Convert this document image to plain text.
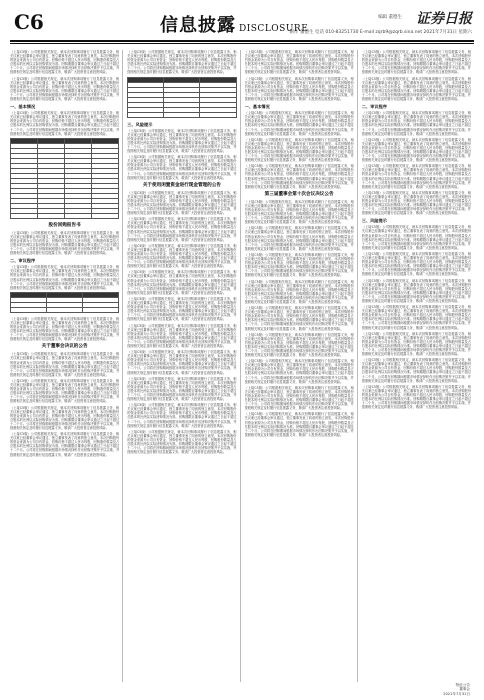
C6	信息披露 DISCLOSURE
编辑 董德生 证券日报
制作 董德生 电话 010-83251730 E-mail zqrb9@zqrb.sina.net 2021年7月31日 星期六

（上接C5版）公司根据相关规定，就本次回购事项履行了信息披露义务，相关议案已经董事会审议通过，独立董事发表了同意的独立意见。本次回购股份的资金来源为公司自有资金，回购价格不超过人民币每股，回购股份数量及占总股本的比例以实际回购情况为准。回购期限自董事会审议通过之日起不超过十二个月。公司将在回购期间根据市场情况择机作出回购决策并予以实施，并按照相关规定及时履行信息披露义务，敬请广大投资者注意投资风险。

（上接C5版）公司根据相关规定，就本次回购事项履行了信息披露义务，相关议案已经董事会审议通过，独立董事发表了同意的独立意见。本次回购股份的资金来源为公司自有资金，回购价格不超过人民币每股，回购股份数量及占总股本的比例以实际回购情况为准。回购期限自董事会审议通过之日起不超过十二个月。公司将在回购期间根据市场情况择机作出回购决策并予以实施，并按照相关规定及时履行信息披露义务，敬请广大投资者注意投资风险。

一、基本情况

（上接C5版）公司根据相关规定，就本次回购事项履行了信息披露义务，相关议案已经董事会审议通过，独立董事发表了同意的独立意见。本次回购股份的资金来源为公司自有资金，回购价格不超过人民币每股，回购股份数量及占总股本的比例以实际回购情况为准。回购期限自董事会审议通过之日起不超过十二个月。公司将在回购期间根据市场情况择机作出回购决策并予以实施，并按照相关规定及时履行信息披露义务，敬请广大投资者注意投资风险。

股份回购报告书

（上接C5版）公司根据相关规定，就本次回购事项履行了信息披露义务，相关议案已经董事会审议通过，独立董事发表了同意的独立意见。本次回购股份的资金来源为公司自有资金，回购价格不超过人民币每股，回购股份数量及占总股本的比例以实际回购情况为准。回购期限自董事会审议通过之日起不超过十二个月。公司将在回购期间根据市场情况择机作出回购决策并予以实施，并按照相关规定及时履行信息披露义务，敬请广大投资者注意投资风险。

二、审议程序

（上接C5版）公司根据相关规定，就本次回购事项履行了信息披露义务，相关议案已经董事会审议通过，独立董事发表了同意的独立意见。本次回购股份的资金来源为公司自有资金，回购价格不超过人民币每股，回购股份数量及占总股本的比例以实际回购情况为准。回购期限自董事会审议通过之日起不超过十二个月。公司将在回购期间根据市场情况择机作出回购决策并予以实施，并按照相关规定及时履行信息披露义务，敬请广大投资者注意投资风险。

（上接C5版）公司根据相关规定，就本次回购事项履行了信息披露义务，相关议案已经董事会审议通过，独立董事发表了同意的独立意见。本次回购股份的资金来源为公司自有资金，回购价格不超过人民币每股，回购股份数量及占总股本的比例以实际回购情况为准。回购期限自董事会审议通过之日起不超过十二个月。公司将在回购期间根据市场情况择机作出回购决策并予以实施，并按照相关规定及时履行信息披露义务，敬请广大投资者注意投资风险。

关于董事会决议的公告

（上接C5版）公司根据相关规定，就本次回购事项履行了信息披露义务，相关议案已经董事会审议通过，独立董事发表了同意的独立意见。本次回购股份的资金来源为公司自有资金，回购价格不超过人民币每股，回购股份数量及占总股本的比例以实际回购情况为准。回购期限自董事会审议通过之日起不超过十二个月。公司将在回购期间根据市场情况择机作出回购决策并予以实施，并按照相关规定及时履行信息披露义务，敬请广大投资者注意投资风险。

（上接C5版）公司根据相关规定，就本次回购事项履行了信息披露义务，相关议案已经董事会审议通过，独立董事发表了同意的独立意见。本次回购股份的资金来源为公司自有资金，回购价格不超过人民币每股，回购股份数量及占总股本的比例以实际回购情况为准。回购期限自董事会审议通过之日起不超过十二个月。公司将在回购期间根据市场情况择机作出回购决策并予以实施，并按照相关规定及时履行信息披露义务，敬请广大投资者注意投资风险。

（上接C5版）公司根据相关规定，就本次回购事项履行了信息披露义务，相关议案已经董事会审议通过，独立董事发表了同意的独立意见。本次回购股份的资金来源为公司自有资金，回购价格不超过人民币每股，回购股份数量及占总股本的比例以实际回购情况为准。回购期限自董事会审议通过之日起不超过十二个月。公司将在回购期间根据市场情况择机作出回购决策并予以实施，并按照相关规定及时履行信息披露义务，敬请广大投资者注意投资风险。

（上接C5版）公司根据相关规定，就本次回购事项履行了信息披露义务，相关议案已经董事会审议通过，独立董事发表了同意的独立意见。本次回购股份的资金来源为公司自有资金，回购价格不超过人民币每股，回购股份数量及占总股本的比例以实际回购情况为准。回购期限自董事会审议通过之日起不超过十二个月。公司将在回购期间根据市场情况择机作出回购决策并予以实施，并按照相关规定及时履行信息披露义务，敬请广大投资者注意投资风险。

（上接C5版）公司根据相关规定，就本次回购事项履行了信息披露义务，相关议案已经董事会审议通过，独立董事发表了同意的独立意见。本次回购股份的资金来源为公司自有资金，回购价格不超过人民币每股，回购股份数量及占总股本的比例以实际回购情况为准。回购期限自董事会审议通过之日起不超过十二个月。公司将在回购期间根据市场情况择机作出回购决策并予以实施，并按照相关规定及时履行信息披露义务，敬请广大投资者注意投资风险。

三、风险提示

（上接C5版）公司根据相关规定，就本次回购事项履行了信息披露义务，相关议案已经董事会审议通过，独立董事发表了同意的独立意见。本次回购股份的资金来源为公司自有资金，回购价格不超过人民币每股，回购股份数量及占总股本的比例以实际回购情况为准。回购期限自董事会审议通过之日起不超过十二个月。公司将在回购期间根据市场情况择机作出回购决策并予以实施，并按照相关规定及时履行信息披露义务，敬请广大投资者注意投资风险。

（上接C5版）公司根据相关规定，就本次回购事项履行了信息披露义务，相关议案已经董事会审议通过，独立董事发表了同意的独立意见。本次回购股份的资金来源为公司自有资金，回购价格不超过人民币每股，回购股份数量及占总股本的比例以实际回购情况为准。回购期限自董事会审议通过之日起不超过十二个月。公司将在回购期间根据市场情况择机作出回购决策并予以实施，并按照相关规定及时履行信息披露义务，敬请广大投资者注意投资风险。

关于使用闲置资金进行现金管理的公告

（上接C5版）公司根据相关规定，就本次回购事项履行了信息披露义务，相关议案已经董事会审议通过，独立董事发表了同意的独立意见。本次回购股份的资金来源为公司自有资金，回购价格不超过人民币每股，回购股份数量及占总股本的比例以实际回购情况为准。回购期限自董事会审议通过之日起不超过十二个月。公司将在回购期间根据市场情况择机作出回购决策并予以实施，并按照相关规定及时履行信息披露义务，敬请广大投资者注意投资风险。

（上接C5版）公司根据相关规定，就本次回购事项履行了信息披露义务，相关议案已经董事会审议通过，独立董事发表了同意的独立意见。本次回购股份的资金来源为公司自有资金，回购价格不超过人民币每股，回购股份数量及占总股本的比例以实际回购情况为准。回购期限自董事会审议通过之日起不超过十二个月。公司将在回购期间根据市场情况择机作出回购决策并予以实施，并按照相关规定及时履行信息披露义务，敬请广大投资者注意投资风险。

（上接C5版）公司根据相关规定，就本次回购事项履行了信息披露义务，相关议案已经董事会审议通过，独立董事发表了同意的独立意见。本次回购股份的资金来源为公司自有资金，回购价格不超过人民币每股，回购股份数量及占总股本的比例以实际回购情况为准。回购期限自董事会审议通过之日起不超过十二个月。公司将在回购期间根据市场情况择机作出回购决策并予以实施，并按照相关规定及时履行信息披露义务，敬请广大投资者注意投资风险。

（上接C5版）公司根据相关规定，就本次回购事项履行了信息披露义务，相关议案已经董事会审议通过，独立董事发表了同意的独立意见。本次回购股份的资金来源为公司自有资金，回购价格不超过人民币每股，回购股份数量及占总股本的比例以实际回购情况为准。回购期限自董事会审议通过之日起不超过十二个月。公司将在回购期间根据市场情况择机作出回购决策并予以实施，并按照相关规定及时履行信息披露义务，敬请广大投资者注意投资风险。

（上接C5版）公司根据相关规定，就本次回购事项履行了信息披露义务，相关议案已经董事会审议通过，独立董事发表了同意的独立意见。本次回购股份的资金来源为公司自有资金，回购价格不超过人民币每股，回购股份数量及占总股本的比例以实际回购情况为准。回购期限自董事会审议通过之日起不超过十二个月。公司将在回购期间根据市场情况择机作出回购决策并予以实施，并按照相关规定及时履行信息披露义务，敬请广大投资者注意投资风险。

（上接C5版）公司根据相关规定，就本次回购事项履行了信息披露义务，相关议案已经董事会审议通过，独立董事发表了同意的独立意见。本次回购股份的资金来源为公司自有资金，回购价格不超过人民币每股，回购股份数量及占总股本的比例以实际回购情况为准。回购期限自董事会审议通过之日起不超过十二个月。公司将在回购期间根据市场情况择机作出回购决策并予以实施，并按照相关规定及时履行信息披露义务，敬请广大投资者注意投资风险。

（上接C5版）公司根据相关规定，就本次回购事项履行了信息披露义务，相关议案已经董事会审议通过，独立董事发表了同意的独立意见。本次回购股份的资金来源为公司自有资金，回购价格不超过人民币每股，回购股份数量及占总股本的比例以实际回购情况为准。回购期限自董事会审议通过之日起不超过十二个月。公司将在回购期间根据市场情况择机作出回购决策并予以实施，并按照相关规定及时履行信息披露义务，敬请广大投资者注意投资风险。

（上接C5版）公司根据相关规定，就本次回购事项履行了信息披露义务，相关议案已经董事会审议通过，独立董事发表了同意的独立意见。本次回购股份的资金来源为公司自有资金，回购价格不超过人民币每股，回购股份数量及占总股本的比例以实际回购情况为准。回购期限自董事会审议通过之日起不超过十二个月。公司将在回购期间根据市场情况择机作出回购决策并予以实施，并按照相关规定及时履行信息披露义务，敬请广大投资者注意投资风险。

（上接C5版）公司根据相关规定，就本次回购事项履行了信息披露义务，相关议案已经董事会审议通过，独立董事发表了同意的独立意见。本次回购股份的资金来源为公司自有资金，回购价格不超过人民币每股，回购股份数量及占总股本的比例以实际回购情况为准。回购期限自董事会审议通过之日起不超过十二个月。公司将在回购期间根据市场情况择机作出回购决策并予以实施，并按照相关规定及时履行信息披露义务，敬请广大投资者注意投资风险。

（上接C5版）公司根据相关规定，就本次回购事项履行了信息披露义务，相关议案已经董事会审议通过，独立董事发表了同意的独立意见。本次回购股份的资金来源为公司自有资金，回购价格不超过人民币每股，回购股份数量及占总股本的比例以实际回购情况为准。回购期限自董事会审议通过之日起不超过十二个月。公司将在回购期间根据市场情况择机作出回购决策并予以实施，并按照相关规定及时履行信息披露义务，敬请广大投资者注意投资风险。

（上接C5版）公司根据相关规定，就本次回购事项履行了信息披露义务，相关议案已经董事会审议通过，独立董事发表了同意的独立意见。本次回购股份的资金来源为公司自有资金，回购价格不超过人民币每股，回购股份数量及占总股本的比例以实际回购情况为准。回购期限自董事会审议通过之日起不超过十二个月。公司将在回购期间根据市场情况择机作出回购决策并予以实施，并按照相关规定及时履行信息披露义务，敬请广大投资者注意投资风险。

（上接C5版）公司根据相关规定，就本次回购事项履行了信息披露义务，相关议案已经董事会审议通过，独立董事发表了同意的独立意见。本次回购股份的资金来源为公司自有资金，回购价格不超过人民币每股，回购股份数量及占总股本的比例以实际回购情况为准。回购期限自董事会审议通过之日起不超过十二个月。公司将在回购期间根据市场情况择机作出回购决策并予以实施，并按照相关规定及时履行信息披露义务，敬请广大投资者注意投资风险。

一、基本情况

（上接C5版）公司根据相关规定，就本次回购事项履行了信息披露义务，相关议案已经董事会审议通过，独立董事发表了同意的独立意见。本次回购股份的资金来源为公司自有资金，回购价格不超过人民币每股，回购股份数量及占总股本的比例以实际回购情况为准。回购期限自董事会审议通过之日起不超过十二个月。公司将在回购期间根据市场情况择机作出回购决策并予以实施，并按照相关规定及时履行信息披露义务，敬请广大投资者注意投资风险。

（上接C5版）公司根据相关规定，就本次回购事项履行了信息披露义务，相关议案已经董事会审议通过，独立董事发表了同意的独立意见。本次回购股份的资金来源为公司自有资金，回购价格不超过人民币每股，回购股份数量及占总股本的比例以实际回购情况为准。回购期限自董事会审议通过之日起不超过十二个月。公司将在回购期间根据市场情况择机作出回购决策并予以实施，并按照相关规定及时履行信息披露义务，敬请广大投资者注意投资风险。

（上接C5版）公司根据相关规定，就本次回购事项履行了信息披露义务，相关议案已经董事会审议通过，独立董事发表了同意的独立意见。本次回购股份的资金来源为公司自有资金，回购价格不超过人民币每股，回购股份数量及占总股本的比例以实际回购情况为准。回购期限自董事会审议通过之日起不超过十二个月。公司将在回购期间根据市场情况择机作出回购决策并予以实施，并按照相关规定及时履行信息披露义务，敬请广大投资者注意投资风险。

第三届董事会第十次会议决议公告

（上接C5版）公司根据相关规定，就本次回购事项履行了信息披露义务，相关议案已经董事会审议通过，独立董事发表了同意的独立意见。本次回购股份的资金来源为公司自有资金，回购价格不超过人民币每股，回购股份数量及占总股本的比例以实际回购情况为准。回购期限自董事会审议通过之日起不超过十二个月。公司将在回购期间根据市场情况择机作出回购决策并予以实施，并按照相关规定及时履行信息披露义务，敬请广大投资者注意投资风险。

（上接C5版）公司根据相关规定，就本次回购事项履行了信息披露义务，相关议案已经董事会审议通过，独立董事发表了同意的独立意见。本次回购股份的资金来源为公司自有资金，回购价格不超过人民币每股，回购股份数量及占总股本的比例以实际回购情况为准。回购期限自董事会审议通过之日起不超过十二个月。公司将在回购期间根据市场情况择机作出回购决策并予以实施，并按照相关规定及时履行信息披露义务，敬请广大投资者注意投资风险。

（上接C5版）公司根据相关规定，就本次回购事项履行了信息披露义务，相关议案已经董事会审议通过，独立董事发表了同意的独立意见。本次回购股份的资金来源为公司自有资金，回购价格不超过人民币每股，回购股份数量及占总股本的比例以实际回购情况为准。回购期限自董事会审议通过之日起不超过十二个月。公司将在回购期间根据市场情况择机作出回购决策并予以实施，并按照相关规定及时履行信息披露义务，敬请广大投资者注意投资风险。

（上接C5版）公司根据相关规定，就本次回购事项履行了信息披露义务，相关议案已经董事会审议通过，独立董事发表了同意的独立意见。本次回购股份的资金来源为公司自有资金，回购价格不超过人民币每股，回购股份数量及占总股本的比例以实际回购情况为准。回购期限自董事会审议通过之日起不超过十二个月。公司将在回购期间根据市场情况择机作出回购决策并予以实施，并按照相关规定及时履行信息披露义务，敬请广大投资者注意投资风险。

（上接C5版）公司根据相关规定，就本次回购事项履行了信息披露义务，相关议案已经董事会审议通过，独立董事发表了同意的独立意见。本次回购股份的资金来源为公司自有资金，回购价格不超过人民币每股，回购股份数量及占总股本的比例以实际回购情况为准。回购期限自董事会审议通过之日起不超过十二个月。公司将在回购期间根据市场情况择机作出回购决策并予以实施，并按照相关规定及时履行信息披露义务，敬请广大投资者注意投资风险。

（上接C5版）公司根据相关规定，就本次回购事项履行了信息披露义务，相关议案已经董事会审议通过，独立董事发表了同意的独立意见。本次回购股份的资金来源为公司自有资金，回购价格不超过人民币每股，回购股份数量及占总股本的比例以实际回购情况为准。回购期限自董事会审议通过之日起不超过十二个月。公司将在回购期间根据市场情况择机作出回购决策并予以实施，并按照相关规定及时履行信息披露义务，敬请广大投资者注意投资风险。

（上接C5版）公司根据相关规定，就本次回购事项履行了信息披露义务，相关议案已经董事会审议通过，独立董事发表了同意的独立意见。本次回购股份的资金来源为公司自有资金，回购价格不超过人民币每股，回购股份数量及占总股本的比例以实际回购情况为准。回购期限自董事会审议通过之日起不超过十二个月。公司将在回购期间根据市场情况择机作出回购决策并予以实施，并按照相关规定及时履行信息披露义务，敬请广大投资者注意投资风险。

（上接C5版）公司根据相关规定，就本次回购事项履行了信息披露义务，相关议案已经董事会审议通过，独立董事发表了同意的独立意见。本次回购股份的资金来源为公司自有资金，回购价格不超过人民币每股，回购股份数量及占总股本的比例以实际回购情况为准。回购期限自董事会审议通过之日起不超过十二个月。公司将在回购期间根据市场情况择机作出回购决策并予以实施，并按照相关规定及时履行信息披露义务，敬请广大投资者注意投资风险。

（上接C5版）公司根据相关规定，就本次回购事项履行了信息披露义务，相关议案已经董事会审议通过，独立董事发表了同意的独立意见。本次回购股份的资金来源为公司自有资金，回购价格不超过人民币每股，回购股份数量及占总股本的比例以实际回购情况为准。回购期限自董事会审议通过之日起不超过十二个月。公司将在回购期间根据市场情况择机作出回购决策并予以实施，并按照相关规定及时履行信息披露义务，敬请广大投资者注意投资风险。

（上接C5版）公司根据相关规定，就本次回购事项履行了信息披露义务，相关议案已经董事会审议通过，独立董事发表了同意的独立意见。本次回购股份的资金来源为公司自有资金，回购价格不超过人民币每股，回购股份数量及占总股本的比例以实际回购情况为准。回购期限自董事会审议通过之日起不超过十二个月。公司将在回购期间根据市场情况择机作出回购决策并予以实施，并按照相关规定及时履行信息披露义务，敬请广大投资者注意投资风险。

（上接C5版）公司根据相关规定，就本次回购事项履行了信息披露义务，相关议案已经董事会审议通过，独立董事发表了同意的独立意见。本次回购股份的资金来源为公司自有资金，回购价格不超过人民币每股，回购股份数量及占总股本的比例以实际回购情况为准。回购期限自董事会审议通过之日起不超过十二个月。公司将在回购期间根据市场情况择机作出回购决策并予以实施，并按照相关规定及时履行信息披露义务，敬请广大投资者注意投资风险。

二、审议程序

（上接C5版）公司根据相关规定，就本次回购事项履行了信息披露义务，相关议案已经董事会审议通过，独立董事发表了同意的独立意见。本次回购股份的资金来源为公司自有资金，回购价格不超过人民币每股，回购股份数量及占总股本的比例以实际回购情况为准。回购期限自董事会审议通过之日起不超过十二个月。公司将在回购期间根据市场情况择机作出回购决策并予以实施，并按照相关规定及时履行信息披露义务，敬请广大投资者注意投资风险。

（上接C5版）公司根据相关规定，就本次回购事项履行了信息披露义务，相关议案已经董事会审议通过，独立董事发表了同意的独立意见。本次回购股份的资金来源为公司自有资金，回购价格不超过人民币每股，回购股份数量及占总股本的比例以实际回购情况为准。回购期限自董事会审议通过之日起不超过十二个月。公司将在回购期间根据市场情况择机作出回购决策并予以实施，并按照相关规定及时履行信息披露义务，敬请广大投资者注意投资风险。

（上接C5版）公司根据相关规定，就本次回购事项履行了信息披露义务，相关议案已经董事会审议通过，独立董事发表了同意的独立意见。本次回购股份的资金来源为公司自有资金，回购价格不超过人民币每股，回购股份数量及占总股本的比例以实际回购情况为准。回购期限自董事会审议通过之日起不超过十二个月。公司将在回购期间根据市场情况择机作出回购决策并予以实施，并按照相关规定及时履行信息披露义务，敬请广大投资者注意投资风险。

（上接C5版）公司根据相关规定，就本次回购事项履行了信息披露义务，相关议案已经董事会审议通过，独立董事发表了同意的独立意见。本次回购股份的资金来源为公司自有资金，回购价格不超过人民币每股，回购股份数量及占总股本的比例以实际回购情况为准。回购期限自董事会审议通过之日起不超过十二个月。公司将在回购期间根据市场情况择机作出回购决策并予以实施，并按照相关规定及时履行信息披露义务，敬请广大投资者注意投资风险。

三、风险提示

（上接C5版）公司根据相关规定，就本次回购事项履行了信息披露义务，相关议案已经董事会审议通过，独立董事发表了同意的独立意见。本次回购股份的资金来源为公司自有资金，回购价格不超过人民币每股，回购股份数量及占总股本的比例以实际回购情况为准。回购期限自董事会审议通过之日起不超过十二个月。公司将在回购期间根据市场情况择机作出回购决策并予以实施，并按照相关规定及时履行信息披露义务，敬请广大投资者注意投资风险。

（上接C5版）公司根据相关规定，就本次回购事项履行了信息披露义务，相关议案已经董事会审议通过，独立董事发表了同意的独立意见。本次回购股份的资金来源为公司自有资金，回购价格不超过人民币每股，回购股份数量及占总股本的比例以实际回购情况为准。回购期限自董事会审议通过之日起不超过十二个月。公司将在回购期间根据市场情况择机作出回购决策并予以实施，并按照相关规定及时履行信息披露义务，敬请广大投资者注意投资风险。

（上接C5版）公司根据相关规定，就本次回购事项履行了信息披露义务，相关议案已经董事会审议通过，独立董事发表了同意的独立意见。本次回购股份的资金来源为公司自有资金，回购价格不超过人民币每股，回购股份数量及占总股本的比例以实际回购情况为准。回购期限自董事会审议通过之日起不超过十二个月。公司将在回购期间根据市场情况择机作出回购决策并予以实施，并按照相关规定及时履行信息披露义务，敬请广大投资者注意投资风险。

（上接C5版）公司根据相关规定，就本次回购事项履行了信息披露义务，相关议案已经董事会审议通过，独立董事发表了同意的独立意见。本次回购股份的资金来源为公司自有资金，回购价格不超过人民币每股，回购股份数量及占总股本的比例以实际回购情况为准。回购期限自董事会审议通过之日起不超过十二个月。公司将在回购期间根据市场情况择机作出回购决策并予以实施，并按照相关规定及时履行信息披露义务，敬请广大投资者注意投资风险。

（上接C5版）公司根据相关规定，就本次回购事项履行了信息披露义务，相关议案已经董事会审议通过，独立董事发表了同意的独立意见。本次回购股份的资金来源为公司自有资金，回购价格不超过人民币每股，回购股份数量及占总股本的比例以实际回购情况为准。回购期限自董事会审议通过之日起不超过十二个月。公司将在回购期间根据市场情况择机作出回购决策并予以实施，并按照相关规定及时履行信息披露义务，敬请广大投资者注意投资风险。

（上接C5版）公司根据相关规定，就本次回购事项履行了信息披露义务，相关议案已经董事会审议通过，独立董事发表了同意的独立意见。本次回购股份的资金来源为公司自有资金，回购价格不超过人民币每股，回购股份数量及占总股本的比例以实际回购情况为准。回购期限自董事会审议通过之日起不超过十二个月。公司将在回购期间根据市场情况择机作出回购决策并予以实施，并按照相关规定及时履行信息披露义务，敬请广大投资者注意投资风险。

（上接C5版）公司根据相关规定，就本次回购事项履行了信息披露义务，相关议案已经董事会审议通过，独立董事发表了同意的独立意见。本次回购股份的资金来源为公司自有资金，回购价格不超过人民币每股，回购股份数量及占总股本的比例以实际回购情况为准。回购期限自董事会审议通过之日起不超过十二个月。公司将在回购期间根据市场情况择机作出回购决策并予以实施，并按照相关规定及时履行信息披露义务，敬请广大投资者注意投资风险。

特此公告
董事会
2021年7月31日
